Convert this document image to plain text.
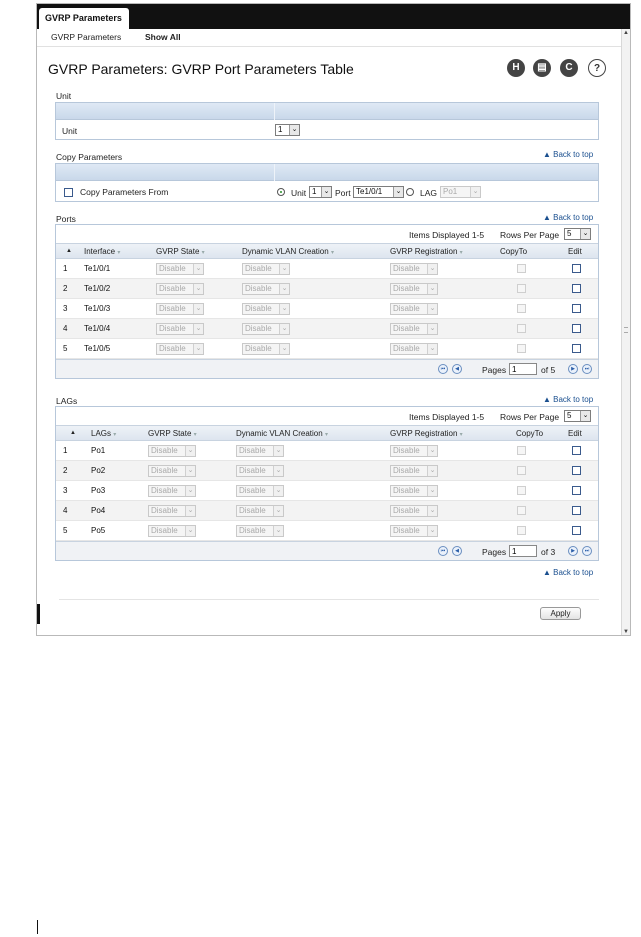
GVRP Parameters
GVRP Parameters	Show All	▲
▼
GVRP Parameters: GVRP Port Parameters Table	H	▤	C	?
Unit
Unit	1	⌄
Copy Parameters	▲ Back to top
Copy Parameters From	Unit 1	⌄ Port Te1/0/1	⌄ LAG Po1	⌄
Ports	▲ Back to top
Items Displayed 1-5 Rows Per Page 5	⌄
▲ Interface ▾	GVRP State ▾	Dynamic VLAN Creation ▾	GVRP Registration ▾	CopyTo	Edit
1 Te1/0/1	Disable	⌄	Disable	⌄	Disable	⌄
2 Te1/0/2	Disable	⌄	Disable	⌄	Disable	⌄
3 Te1/0/3	Disable	⌄	Disable	⌄	Disable	⌄
4 Te1/0/4	Disable	⌄	Disable	⌄	Disable	⌄
5 Te1/0/5	Disable	⌄	Disable	⌄	Disable	⌄
⏮	◀	Pages
1	of 5	▶	⏭
LAGs	▲ Back to top
Items Displayed 1-5 Rows Per Page 5	⌄
▲ LAGs ▾	GVRP State ▾	Dynamic VLAN Creation ▾	GVRP Registration ▾	CopyTo	Edit
1	Po1	Disable	⌄	Disable	⌄	Disable	⌄
2	Po2	Disable	⌄	Disable	⌄	Disable	⌄
3	Po3	Disable	⌄	Disable	⌄	Disable	⌄
4	Po4	Disable	⌄	Disable	⌄	Disable	⌄
5	Po5	Disable	⌄	Disable	⌄	Disable	⌄
⏮	◀	Pages
1	of 3	▶	⏭
▲ Back to top
Apply
